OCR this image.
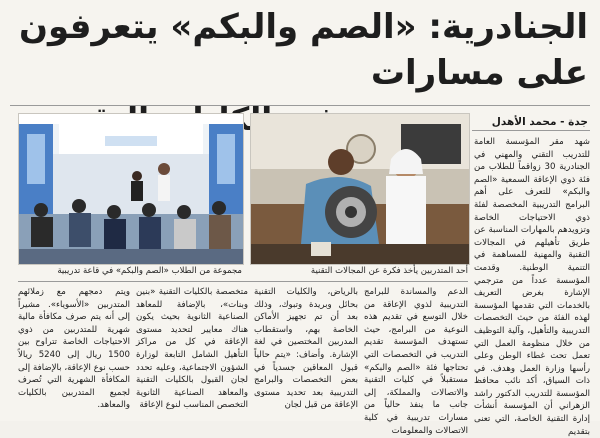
الجنادرية: «الصم والبكم» يتعرفون على مسارات
مجموعة من الطلاب «الصم والبكم» في قاعة تدريبية	أحد المتدربين يأخذ فكرة عن المجالات التقنية
جدة - محمد الأهدل

شهد مقر المؤسسة العامة للتدريب التقني والمهني في الجنادرية 30 زواقماً للطلاب من فئة ذوي الإعاقة السمعية «الصم والبكم» للتعرف على أهم البرامج التدريبية المخصصة لفئة ذوي الاحتياجات الخاصة وتزويدهم بالمهارات المناسبة عن طريق تأهيلهم في المجالات التقنية والمهنية للمساهمة في التنمية الوطنية. وقدمت المؤسسة عدداً من مترجمي الإشارة بغرض التعريف بالخدمات التي تقدمها المؤسسة لهذه الفئة من حيث التخصصات التدريبية والتأهيل، وآلية التوظيف من خلال منظومة العمل التي تعمل تحت غطاء الوطن وعلى رأسها وزارة العمل وهدف. في ذات السياق، أكد نائب محافظ المؤسسة للتدريب الدكتور راشد الزهراني أن المؤسسة أنشأت إدارة التقنية الخاصة، التي تعنى بتقديم

الدعم والمساندة للبرامج التدريبية لذوي الإعاقة من خلال التوسع في تقديم هذه النوعية من البرامج، حيث تستهدف المؤسسة تقديم التدريب في التخصصات التي تحتاجها فئة «الصم والبكم» مستقبلاً في كليات التقنية والاتصالات والمملكة، إلى جانب ما ينفذ حالياً من مسارات تدريبية في كلية الاتصالات والمعلومات

بالرياض، والكليات التقنية بحائل وبريدة وتبوك، وذلك بعد أن تم تجهيز الأماكن الخاصة بهم، واستقطاب المدربين المختصين في لغة الإشارة. وأضاف: «يتم حالياً قبول المعاقين جسدياً في بعض التخصصات والبرامج التدريبية بعد تحديد مستوى الإعاقة من قبل لجان

متخصصة بالكليات التقنية «بنين وبنات»، بالإضافة للمعاهد الصناعية الثانوية بحيث يكون هناك معايير لتحديد مستوى الإعاقة في كل من مراكز التأهيل الشامل التابعة لوزارة الشؤون الاجتماعية، وعليه تحدد لجان القبول بالكليات التقنية والمعاهد الصناعية الثانوية التخصص المناسب لنوع الإعاقة

ويتم دمجهم مع زملائهم المتدربين «الأسوياء». مشيراً إلى أنه يتم صرف مكافأة مالية شهرية للمتدربين من ذوي الاحتياجات الخاصة تتراوح بين 1500 ريال إلى 5240 ريالاً حسب نوع الإعاقة، بالإضافة إلى المكافأة الشهرية التي تُصرف لجميع المتدربين بالكليات والمعاهد.
